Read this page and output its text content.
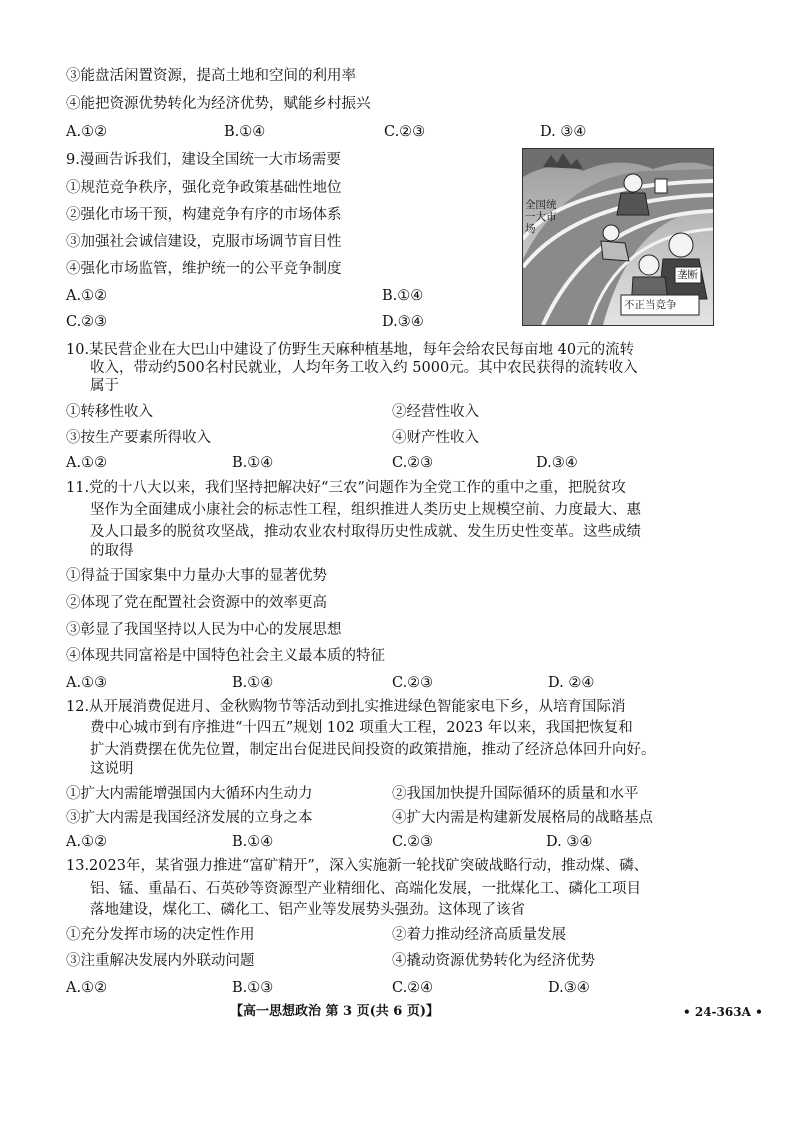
③能盘活闲置资源，提高土地和空间的利用率
④能把资源优势转化为经济优势，赋能乡村振兴
A.①②	B.①④	C.②③	D. ③④
9.漫画告诉我们，建设全国统一大市场需要
①规范竞争秩序，强化竞争政策基础性地位
②强化市场干预，构建竞争有序的市场体系
③加强社会诚信建设，克服市场调节盲目性
④强化市场监管，维护统一的公平竞争制度
A.①②	B.①④
C.②③	D.③④
全国统一大市场
不正当竞争
垄断
10.某民营企业在大巴山中建设了仿野生天麻种植基地，每年会给农民每亩地 40元的流转
收入，带动约500名村民就业，人均年务工收入约 5000元。其中农民获得的流转收入
属于
①转移性收入	②经营性收入
③按生产要素所得收入	④财产性收入
A.①②	B.①④	C.②③	D.③④
11.党的十八大以来，我们坚持把解决好“三农”问题作为全党工作的重中之重，把脱贫攻
坚作为全面建成小康社会的标志性工程，组织推进人类历史上规模空前、力度最大、惠
及人口最多的脱贫攻坚战，推动农业农村取得历史性成就、发生历史性变革。这些成绩
的取得
①得益于国家集中力量办大事的显著优势
②体现了党在配置社会资源中的效率更高
③彰显了我国坚持以人民为中心的发展思想
④体现共同富裕是中国特色社会主义最本质的特征
A.①③	B.①④	C.②③	D. ②④
12.从开展消费促进月、金秋购物节等活动到扎实推进绿色智能家电下乡，从培育国际消
费中心城市到有序推进“十四五”规划 102 项重大工程，2023 年以来，我国把恢复和
扩大消费摆在优先位置，制定出台促进民间投资的政策措施，推动了经济总体回升向好。
这说明
①扩大内需能增强国内大循环内生动力	②我国加快提升国际循环的质量和水平
③扩大内需是我国经济发展的立身之本	④扩大内需是构建新发展格局的战略基点
A.①②	B.①④	C.②③	D. ③④
13.2023年，某省强力推进“富矿精开”，深入实施新一轮找矿突破战略行动，推动煤、磷、
铝、锰、重晶石、石英砂等资源型产业精细化、高端化发展，一批煤化工、磷化工项目
落地建设，煤化工、磷化工、铝产业等发展势头强劲。这体现了该省
①充分发挥市场的决定性作用	②着力推动经济高质量发展
③注重解决发展内外联动问题	④撬动资源优势转化为经济优势
A.①②	B.①③	C.②④	D.③④
【高一思想政治 第 3 页(共 6 页)】	• 24-363A •
